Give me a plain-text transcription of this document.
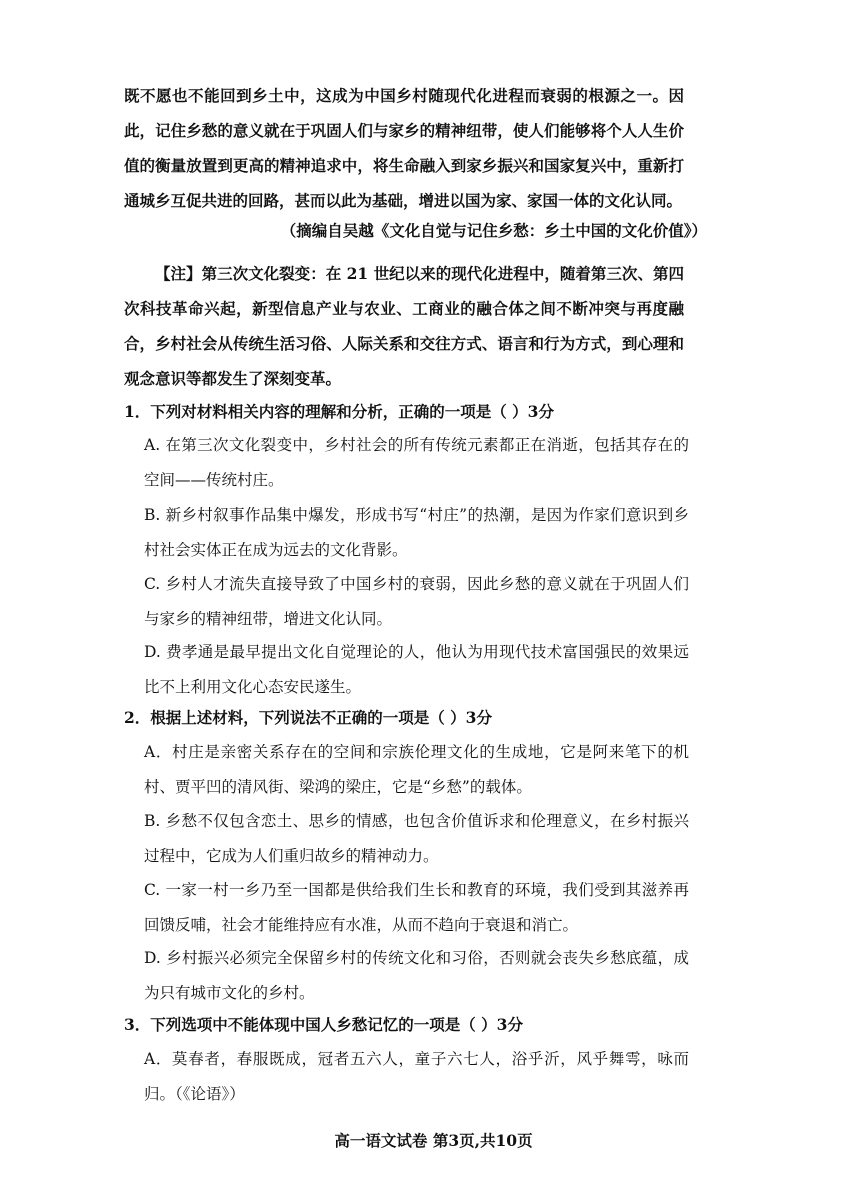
既不愿也不能回到乡土中，这成为中国乡村随现代化进程而衰弱的根源之一。因此，记住乡愁的意义就在于巩固人们与家乡的精神纽带，使人们能够将个人人生价值的衡量放置到更高的精神追求中，将生命融入到家乡振兴和国家复兴中，重新打通城乡互促共进的回路，甚而以此为基础，增进以国为家、家国一体的文化认同。
（摘编自吴越《文化自觉与记住乡愁：乡土中国的文化价值》）
【注】第三次文化裂变：在 21 世纪以来的现代化进程中，随着第三次、第四次科技革命兴起，新型信息产业与农业、工商业的融合体之间不断冲突与再度融合，乡村社会从传统生活习俗、人际关系和交往方式、语言和行为方式，到心理和观念意识等都发生了深刻变革。
1．下列对材料相关内容的理解和分析，正确的一项是（ ）3分
A. 在第三次文化裂变中，乡村社会的所有传统元素都正在消逝，包括其存在的空间——传统村庄。
B. 新乡村叙事作品集中爆发，形成书写“村庄”的热潮，是因为作家们意识到乡村社会实体正在成为远去的文化背影。
C. 乡村人才流失直接导致了中国乡村的衰弱，因此乡愁的意义就在于巩固人们与家乡的精神纽带，增进文化认同。
D. 费孝通是最早提出文化自觉理论的人，他认为用现代技术富国强民的效果远比不上利用文化心态安民遂生。
2．根据上述材料，下列说法不正确的一项是（ ）3分
A．村庄是亲密关系存在的空间和宗族伦理文化的生成地，它是阿来笔下的机村、贾平凹的清风街、梁鸿的梁庄，它是“乡愁”的载体。
B. 乡愁不仅包含恋土、思乡的情感，也包含价值诉求和伦理意义，在乡村振兴过程中，它成为人们重归故乡的精神动力。
C. 一家一村一乡乃至一国都是供给我们生长和教育的环境，我们受到其滋养再回馈反哺，社会才能维持应有水准，从而不趋向于衰退和消亡。
D. 乡村振兴必须完全保留乡村的传统文化和习俗，否则就会丧失乡愁底蕴，成为只有城市文化的乡村。
3．下列选项中不能体现中国人乡愁记忆的一项是（ ）3分
A．莫春者，春服既成，冠者五六人，童子六七人，浴乎沂，风乎舞雩，咏而归。（《论语》）
高一语文试卷 第3页,共10页
